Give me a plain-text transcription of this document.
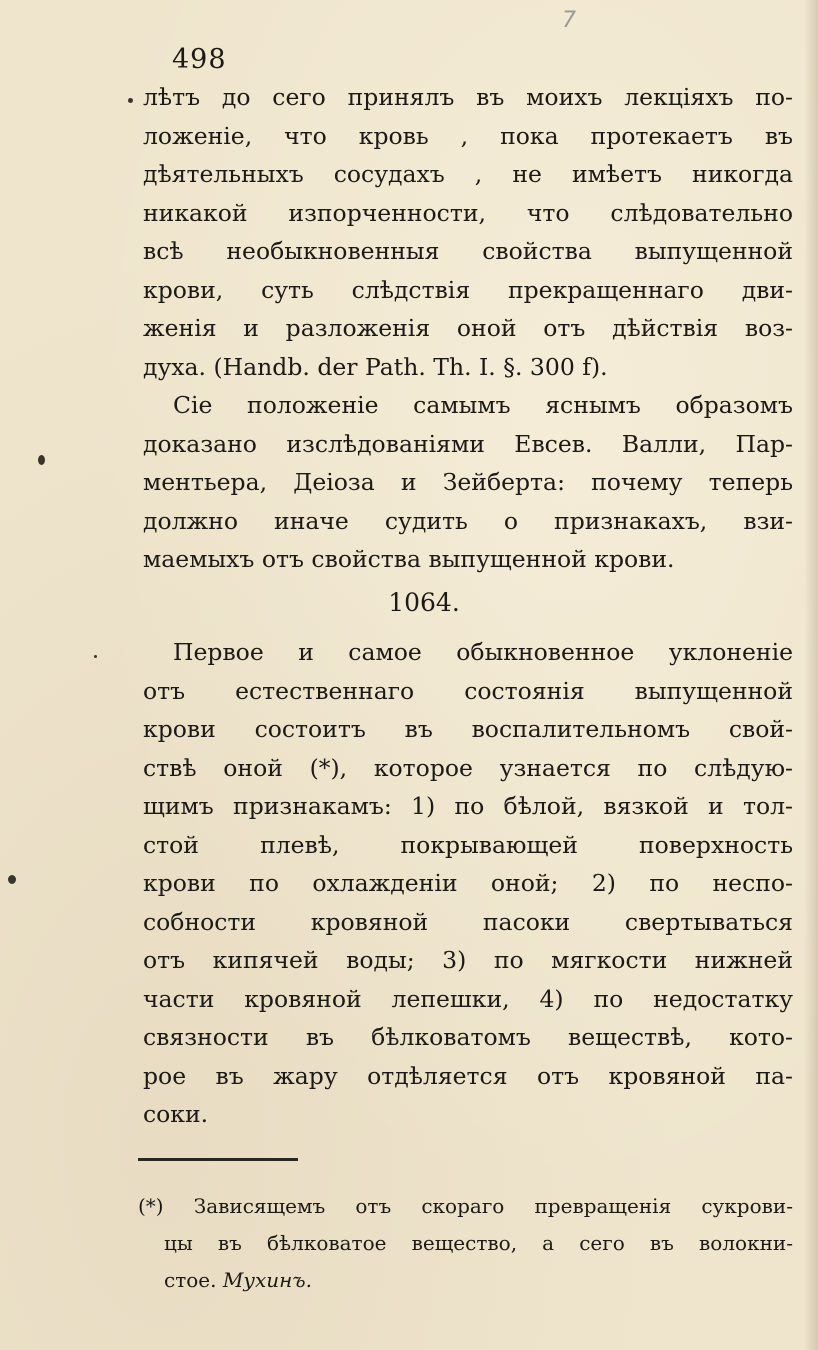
7
498
лѣтъ до сего принялъ въ моихъ лекціяхъ по-
ложеніе, что кровь , пока протекаетъ въ
дѣятельныхъ сосудахъ , не имѣетъ никогда
никакой изпорченности, что слѣдовательно
всѣ необыкновенныя свойства выпущенной
крови, суть слѣдствія прекращеннаго дви-
женія и разложенія оной отъ дѣйствія воз-
духа. (Handb. der Path. Th. I. §. 300 f).
Сіе положеніе самымъ яснымъ образомъ
доказано изслѣдованіями Евсев. Валли, Пар-
ментьера, Деіоза и Зейберта: почему теперь
должно иначе судить о признакахъ, взи-
маемыхъ отъ свойства выпущенной крови.
1064.
Первое и самое обыкновенное уклоненіе
отъ естественнаго состоянія выпущенной
крови состоитъ въ воспалительномъ свой-
ствѣ оной (*), которое узнается по слѣдую-
щимъ признакамъ: 1) по бѣлой, вязкой и тол-
стой плевѣ, покрывающей поверхность
крови по охлажденіи оной; 2) по неспо-
собности кровяной пасоки свертываться
отъ кипячей воды; 3) по мягкости нижней
части кровяной лепешки, 4) по недостатку
связности въ бѣлковатомъ веществѣ, кото-
рое въ жару отдѣляется отъ кровяной па-
соки.
(*) Зависящемъ отъ скораго превращенія сукрови-
цы въ бѣлковатое вещество, а сего въ волокни-
стое. Мухинъ.
